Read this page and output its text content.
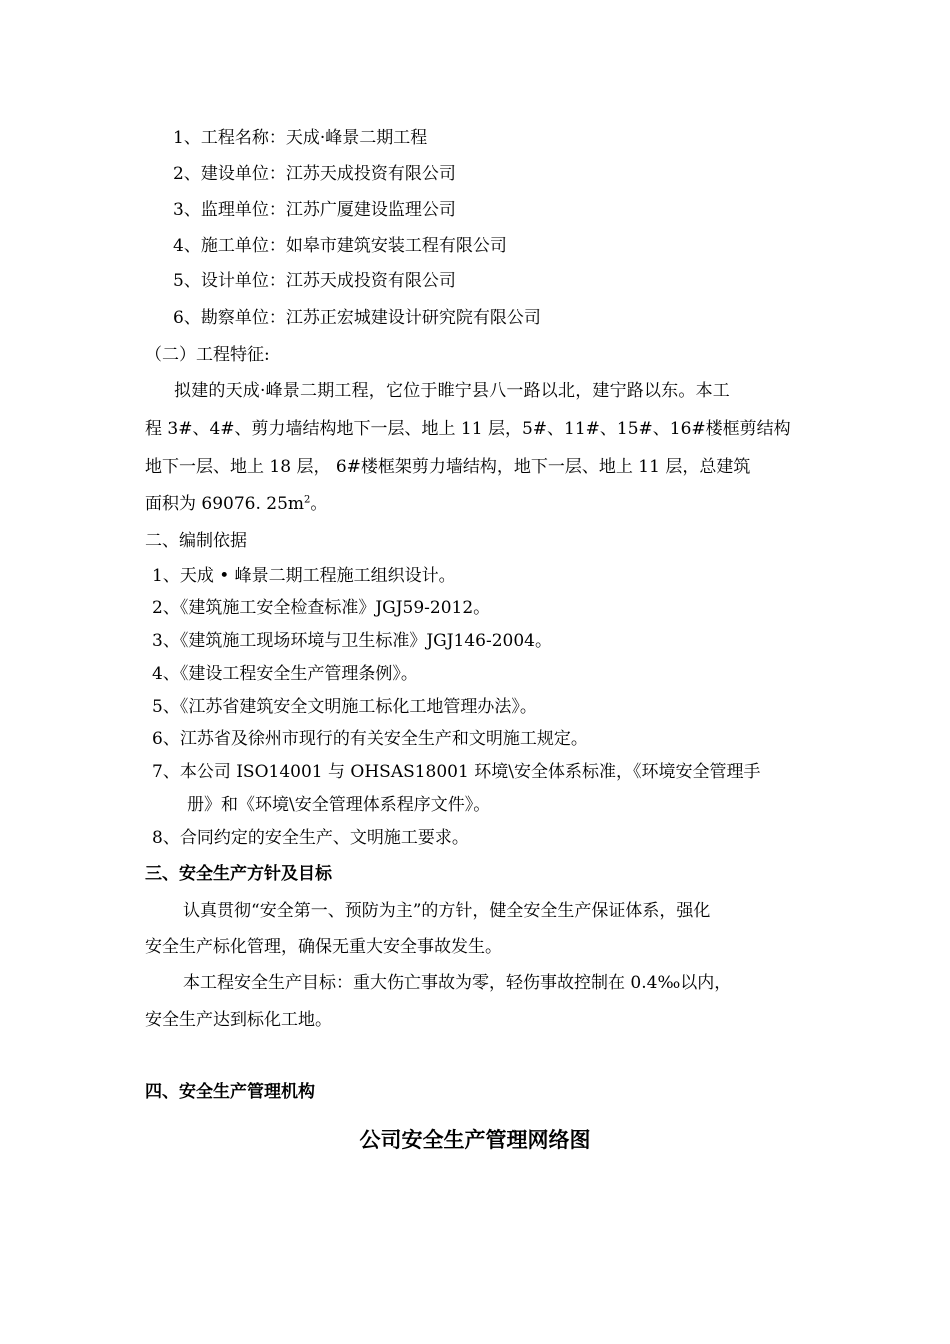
1、工程名称：天成·峰景二期工程
2、建设单位：江苏天成投资有限公司
3、监理单位：江苏广厦建设监理公司
4、施工单位：如皋市建筑安装工程有限公司
5、设计单位：江苏天成投资有限公司
6、勘察单位：江苏正宏城建设计研究院有限公司
（二）工程特征:
拟建的天成·峰景二期工程，它位于睢宁县八一路以北，建宁路以东。本工
程 3#、4#、剪力墙结构地下一层、地上 11 层，5#、11#、15#、16#楼框剪结构
地下一层、地上 18 层， 6#楼框架剪力墙结构，地下一层、地上 11 层，总建筑
面积为 69076. $25m^2$。
二、编制依据
1、天成 • 峰景二期工程施工组织设计。
2、《建筑施工安全检查标准》JGJ59-2012。
3、《建筑施工现场环境与卫生标准》JGJ146-2004。
4、《建设工程安全生产管理条例》。
5、《江苏省建筑安全文明施工标化工地管理办法》。
6、江苏省及徐州市现行的有关安全生产和文明施工规定。
7、本公司 ISO14001 与 OHSAS18001 环境\安全体系标准，《环境安全管理手
册》和《环境\安全管理体系程序文件》。
8、合同约定的安全生产、文明施工要求。
三、安全生产方针及目标
认真贯彻“安全第一、预防为主”的方针，健全安全生产保证体系，强化
安全生产标化管理，确保无重大安全事故发生。
本工程安全生产目标：重大伤亡事故为零，轻伤事故控制在 0.4‰以内，
安全生产达到标化工地。
四、安全生产管理机构
公司安全生产管理网络图
